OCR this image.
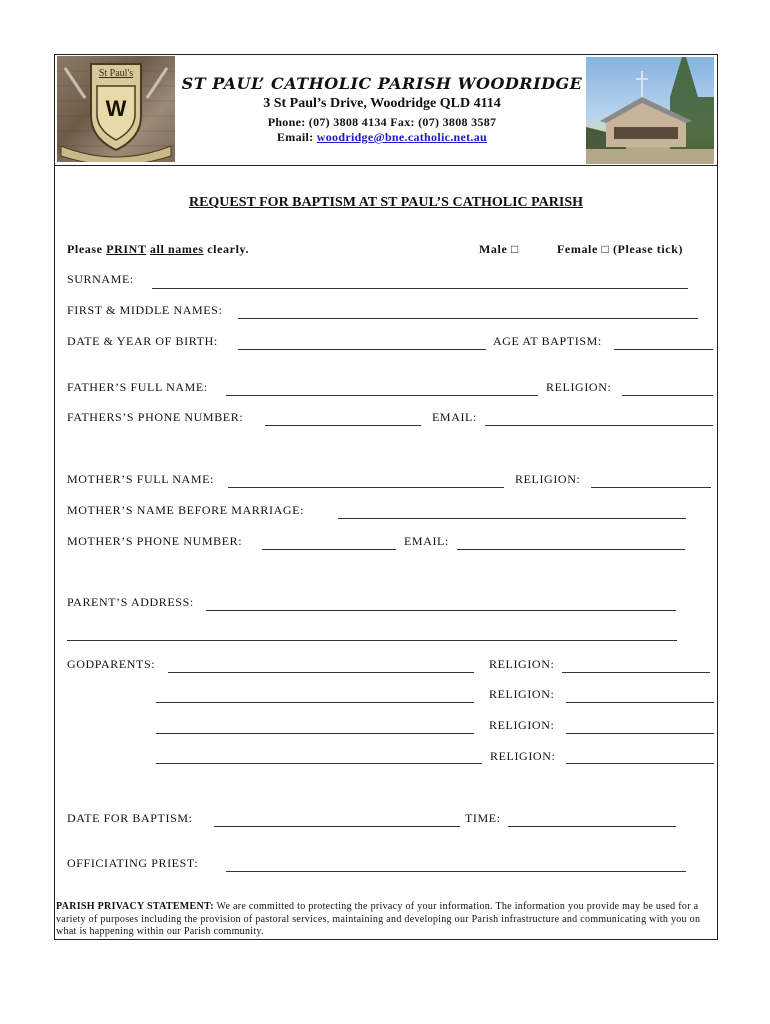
St Paul's
W
ST PAUL’ CATHOLIC PARISH WOODRIDGE
3 St Paul’s Drive, Woodridge QLD 4114
Phone: (07) 3808 4134 Fax: (07) 3808 3587
Email: woodridge@bne.catholic.net.au
REQUEST FOR BAPTISM AT ST PAUL’S CATHOLIC PARISH
Please PRINT all names clearly.	Male □	Female □ (Please tick)
SURNAME:
FIRST & MIDDLE NAMES:
DATE & YEAR OF BIRTH:	AGE AT BAPTISM:
FATHER’S FULL NAME:	RELIGION:
FATHERS’S PHONE NUMBER:	EMAIL:
MOTHER’S FULL NAME:	RELIGION:
MOTHER’S NAME BEFORE MARRIAGE:
MOTHER’S PHONE NUMBER:	EMAIL:
PARENT’S ADDRESS:
GODPARENTS:	RELIGION:
RELIGION:
RELIGION:
RELIGION:
DATE FOR BAPTISM:	TIME:
OFFICIATING PRIEST:
PARISH PRIVACY STATEMENT: We are committed to protecting the privacy of your information. The information you provide may be used for a variety of purposes including the provision of pastoral services, maintaining and developing our Parish infrastructure and communicating with you on what is happening within our Parish community.
